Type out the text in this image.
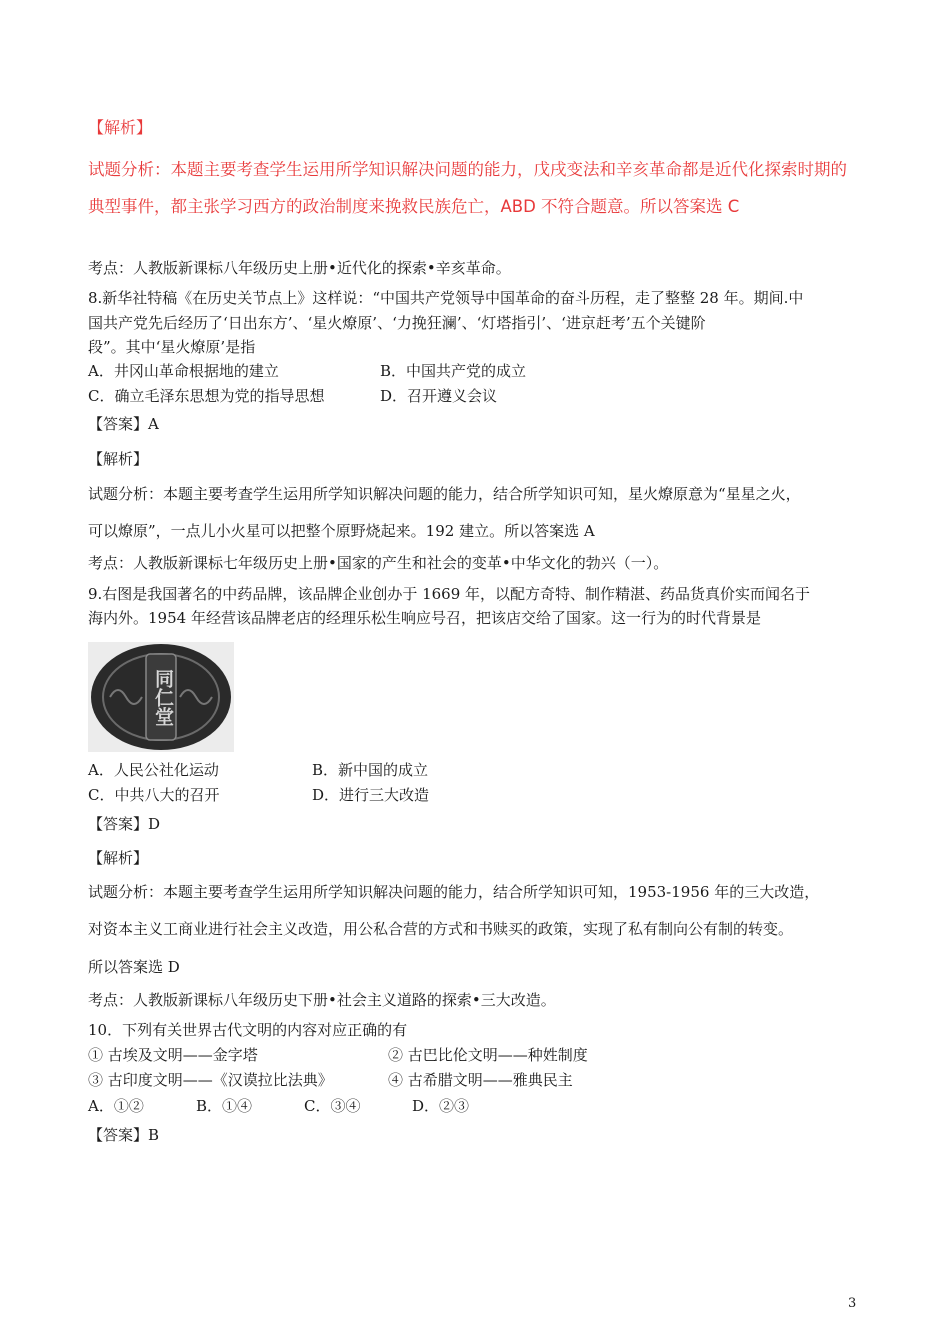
【解析】
试题分析：本题主要考查学生运用所学知识解决问题的能力，戊戌变法和辛亥革命都是近代化探索时期的
典型事件，都主张学习西方的政治制度来挽救民族危亡，ABD 不符合题意。所以答案选 C
考点：人教版新课标八年级历史上册•近代化的探索•辛亥革命。
8.新华社特稿《在历史关节点上》这样说：“中国共产党领导中国革命的奋斗历程，走了整整 28 年。期间.中
国共产党先后经历了‘日出东方’、‘星火燎原’、‘力挽狂澜’、‘灯塔指引’、‘进京赶考’五个关键阶
段”。其中‘星火燎原’是指
A．井冈山革命根据地的建立	B．中国共产党的成立
C．确立毛泽东思想为党的指导思想	D．召开遵义会议
【答案】A
【解析】
试题分析：本题主要考查学生运用所学知识解决问题的能力，结合所学知识可知，星火燎原意为“星星之火，
可以燎原”，一点儿小火星可以把整个原野烧起来。192 建立。所以答案选 A
考点：人教版新课标七年级历史上册•国家的产生和社会的变革•中华文化的勃兴（一）。
9.右图是我国著名的中药品牌，该品牌企业创办于 1669 年，以配方奇特、制作精湛、药品货真价实而闻名于
海内外。1954 年经营该品牌老店的经理乐松生响应号召，把该店交给了国家。这一行为的时代背景是
同仁堂
A．人民公社化运动	B．新中国的成立
C．中共八大的召开	D．进行三大改造
【答案】D
【解析】
试题分析：本题主要考查学生运用所学知识解决问题的能力，结合所学知识可知，1953-1956 年的三大改造，
对资本主义工商业进行社会主义改造，用公私合营的方式和书赎买的政策，实现了私有制向公有制的转变。
所以答案选 D
考点：人教版新课标八年级历史下册•社会主义道路的探索•三大改造。
10．下列有关世界古代文明的内容对应正确的有
① 古埃及文明——金字塔	② 古巴比伦文明——种姓制度
③ 古印度文明——《汉谟拉比法典》	④ 古希腊文明——雅典民主
A．①②	B．①④	C．③④	D．②③
【答案】B
3
